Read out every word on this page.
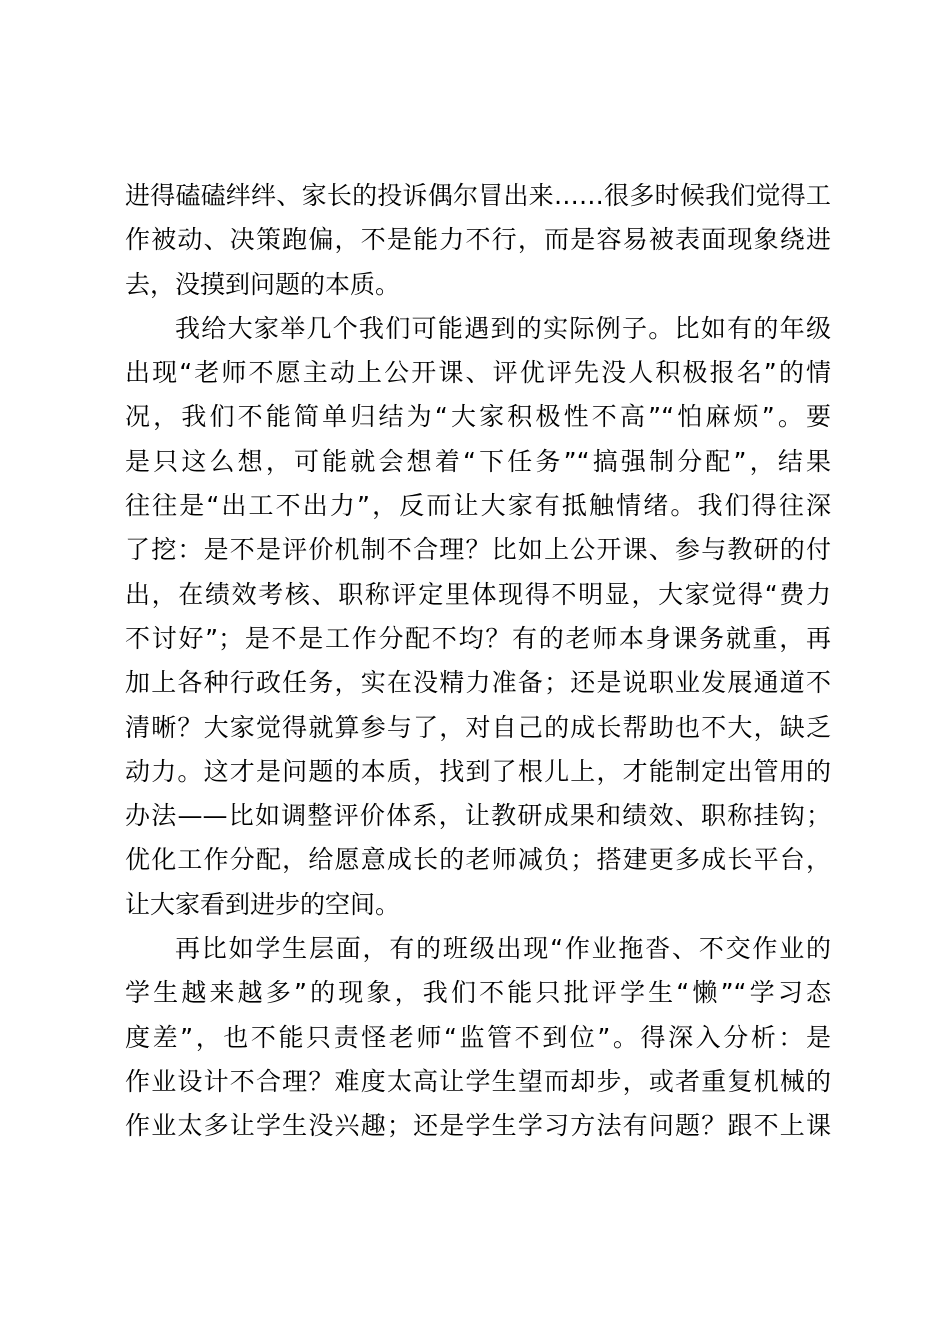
进得磕磕绊绊、家长的投诉偶尔冒出来……很多时候我们觉得工
作被动、决策跑偏，不是能力不行，而是容易被表面现象绕进
去，没摸到问题的本质。
我给大家举几个我们可能遇到的实际例子。比如有的年级
出现“老师不愿主动上公开课、评优评先没人积极报名”的情
况，我们不能简单归结为“大家积极性不高”“怕麻烦”。要
是只这么想，可能就会想着“下任务”“搞强制分配”，结果
往往是“出工不出力”，反而让大家有抵触情绪。我们得往深
了挖：是不是评价机制不合理？比如上公开课、参与教研的付
出，在绩效考核、职称评定里体现得不明显，大家觉得“费力
不讨好”；是不是工作分配不均？有的老师本身课务就重，再
加上各种行政任务，实在没精力准备；还是说职业发展通道不
清晰？大家觉得就算参与了，对自己的成长帮助也不大，缺乏
动力。这才是问题的本质，找到了根儿上，才能制定出管用的
办法——比如调整评价体系，让教研成果和绩效、职称挂钩；
优化工作分配，给愿意成长的老师减负；搭建更多成长平台，
让大家看到进步的空间。
再比如学生层面，有的班级出现“作业拖沓、不交作业的
学生越来越多”的现象，我们不能只批评学生“懒”“学习态
度差”，也不能只责怪老师“监管不到位”。得深入分析：是
作业设计不合理？难度太高让学生望而却步，或者重复机械的
作业太多让学生没兴趣；还是学生学习方法有问题？跟不上课
